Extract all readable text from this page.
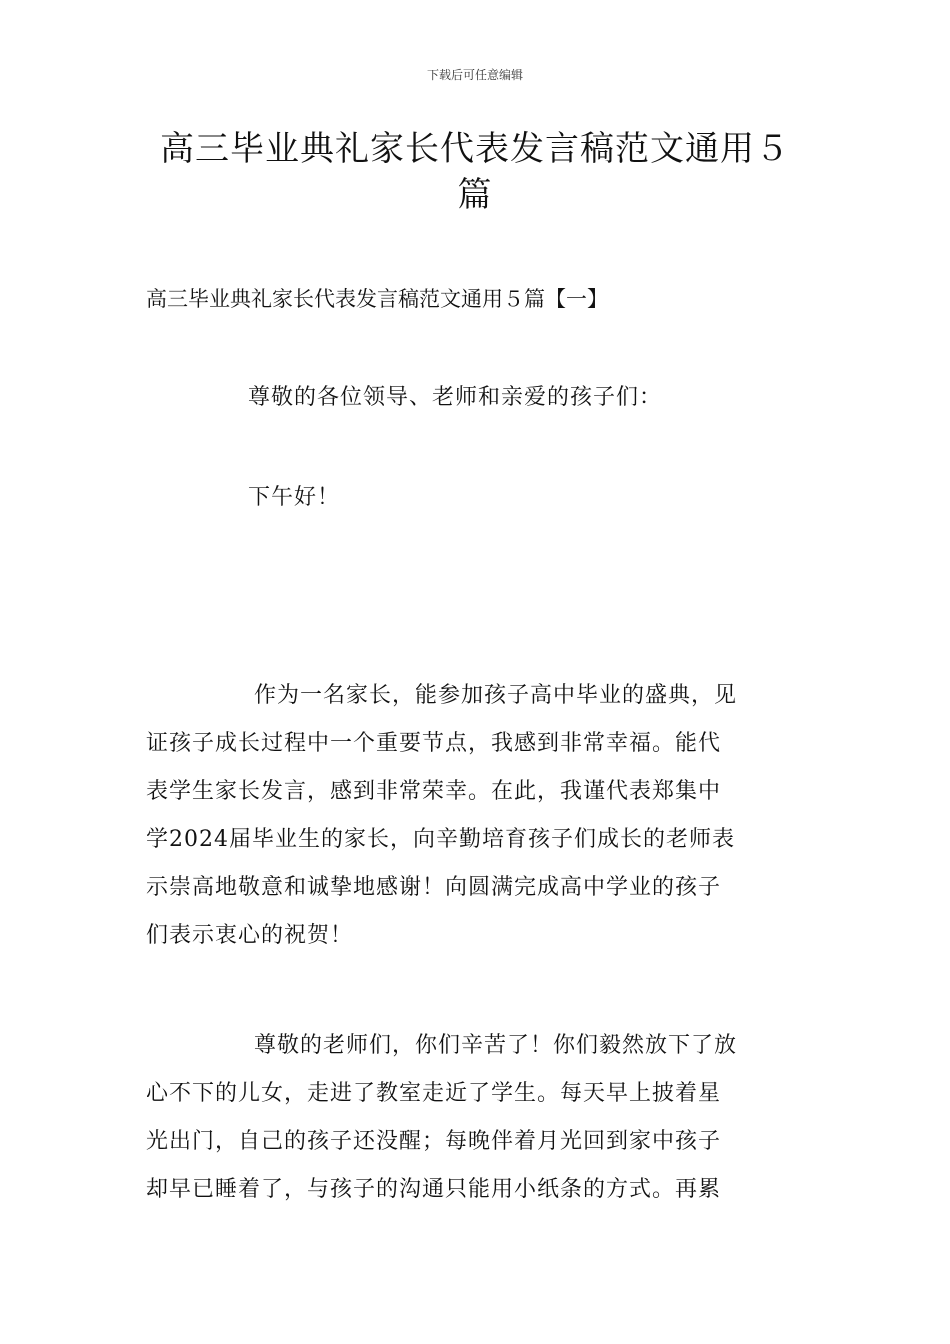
下载后可任意编辑
高三毕业典礼家长代表发言稿范文通用５
篇
高三毕业典礼家长代表发言稿范文通用５篇【一】

尊敬的各位领导、老师和亲爱的孩子们：

下午好！

作为一名家长，能参加孩子高中毕业的盛典，见
证孩子成长过程中一个重要节点，我感到非常幸福。能代
表学生家长发言，感到非常荣幸。在此，我谨代表郑集中
学2024届毕业生的家长，向辛勤培育孩子们成长的老师表
示崇高地敬意和诚挚地感谢！向圆满完成高中学业的孩子
们表示衷心的祝贺！
尊敬的老师们，你们辛苦了！你们毅然放下了放
心不下的儿女，走进了教室走近了学生。每天早上披着星
光出门，自己的孩子还没醒；每晚伴着月光回到家中孩子
却早已睡着了，与孩子的沟通只能用小纸条的方式。再累
